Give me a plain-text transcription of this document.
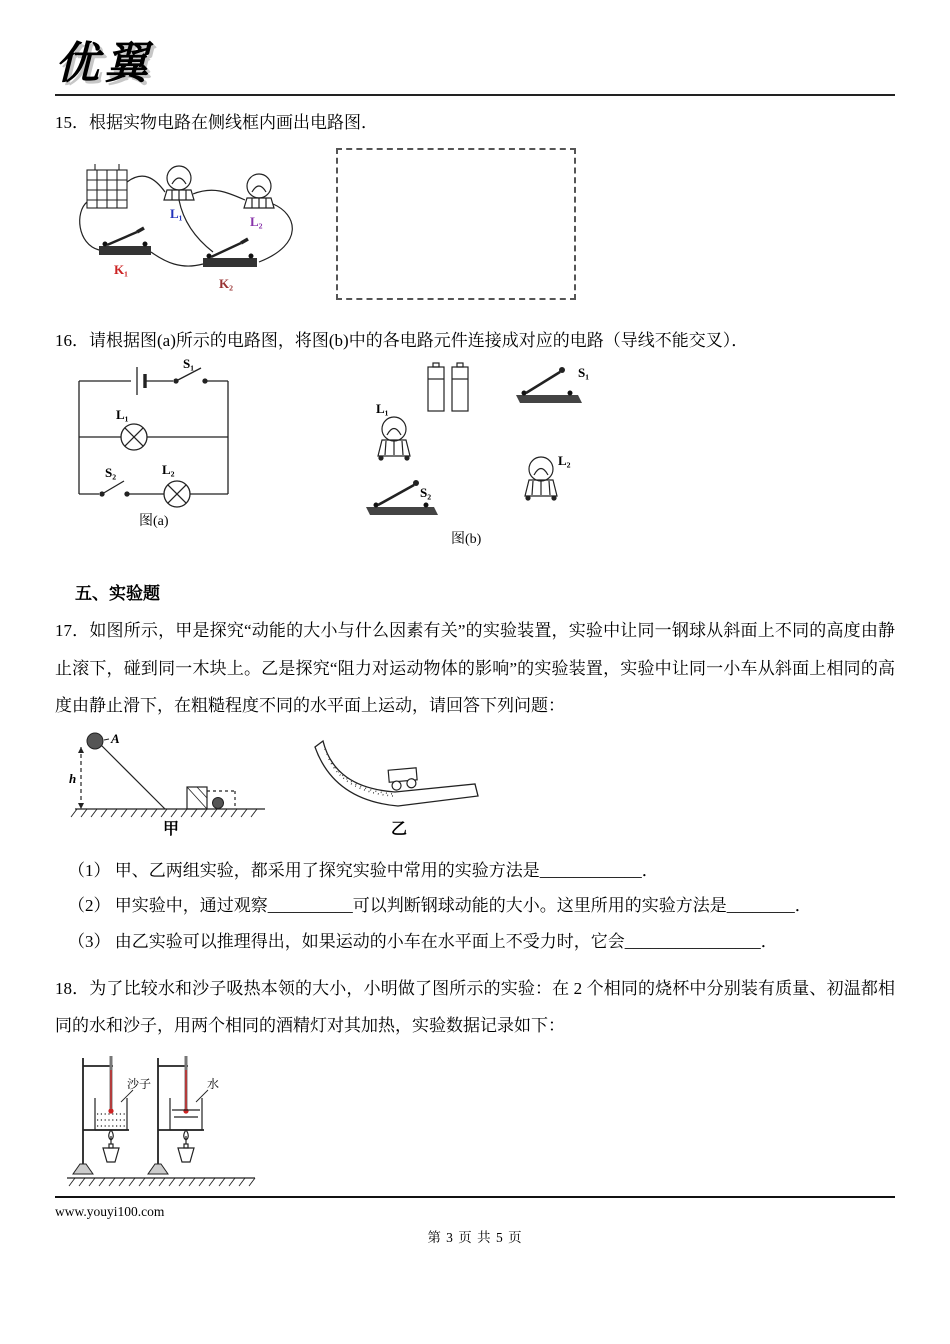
优翼

15．根据实物电路在侧线框内画出电路图．

L₁
L₂
K₁
K₂

16．请根据图(a)所示的电路图，将图(b)中的各电路元件连接成对应的电路（导线不能交叉）．

S₁
L₁
S₂	L₂
图(a)
S₁
L₁
L₂
S₂
图(b)
五、实验题

17．如图所示，甲是探究“动能的大小与什么因素有关”的实验装置，实验中让同一钢球从斜面上不同的高度由静止滚下，碰到同一木块上。乙是探究“阻力对运动物体的影响”的实验装置，实验中让同一小车从斜面上相同的高度由静止滑下，在粗糙程度不同的水平面上运动，请回答下列问题：

A
h
甲	乙

（1） 甲、乙两组实验，都采用了探究实验中常用的实验方法是____________．

（2） 甲实验中，通过观察__________可以判断钢球动能的大小。这里所用的实验方法是________．

（3） 由乙实验可以推理得出，如果运动的小车在水平面上不受力时，它会________________．

18．为了比较水和沙子吸热本领的大小，小明做了图所示的实验：在 2 个相同的烧杯中分别装有质量、初温都相同的水和沙子，用两个相同的酒精灯对其加热，实验数据记录如下：

沙子	水
www.youyi100.com
第 3 页 共 5 页
